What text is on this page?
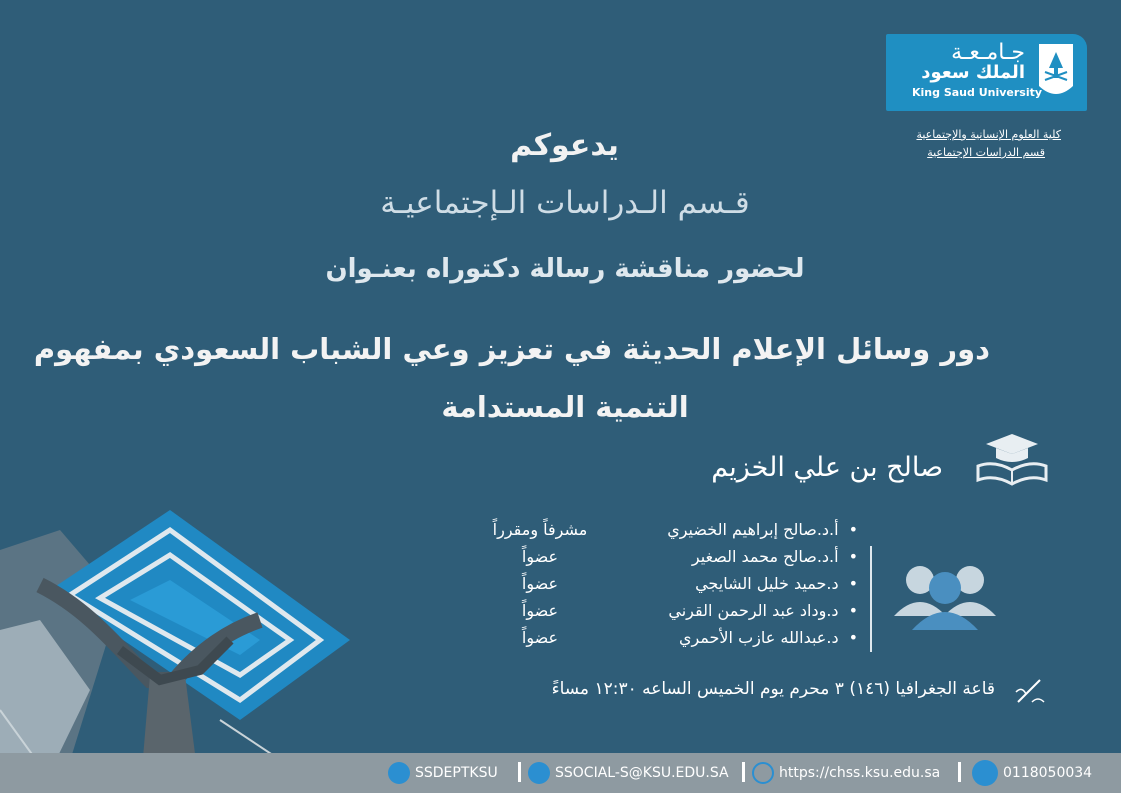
جـامـعـة
الملك سعود
King Saud University
كلية العلوم الإنسانية والإجتماعية
قسم الدراسات الإجتماعية
يدعوكم
قـسم الـدراسات الـإجتماعيـة
لحضور مناقشة رسالة دكتوراه بعنـوان
دور وسائل الإعلام الحديثة في تعزيز وعي الشباب السعودي بمفهوم
التنمية المستدامة
صالح بن علي الخزيم
• أ.د.صالح إبراهيم الخضيري
مشرفاً ومقرراً
• أ.د.صالح محمد الصغير
عضواً
• د.حميد خليل الشايجي
عضواً
• د.وداد عبد الرحمن القرني
عضواً
• د.عبدالله عازب الأحمري
عضواً
قاعة الجغرافيا (١٤٦) ٣ محرم يوم الخميس الساعه ١٢:٣٠ مساءً
SSDEPTKSU	SSOCIAL-S@KSU.EDU.SA	https://chss.ksu.edu.sa	0118050034
